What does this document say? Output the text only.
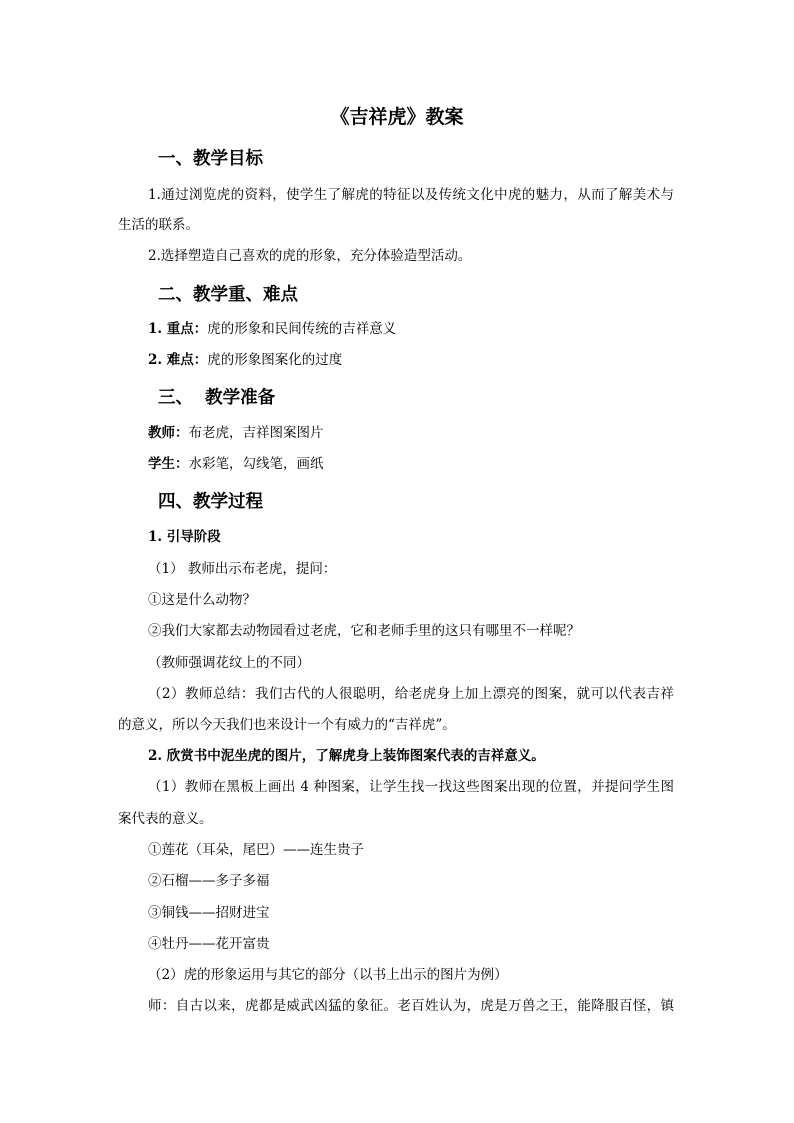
《吉祥虎》教案

一、教学目标

1.通过浏览虎的资料，使学生了解虎的特征以及传统文化中虎的魅力，从而了解美术与

生活的联系。

2.选择塑造自己喜欢的虎的形象，充分体验造型活动。

二、教学重、难点

1. 重点：虎的形象和民间传统的吉祥意义

2. 难点：虎的形象图案化的过度

三、  教学准备

教师：布老虎，吉祥图案图片

学生：水彩笔，勾线笔，画纸

四、教学过程

1. 引导阶段

（1） 教师出示布老虎，提问：

①这是什么动物？

②我们大家都去动物园看过老虎，它和老师手里的这只有哪里不一样呢？

（教师强调花纹上的不同）

（2）教师总结：我们古代的人很聪明，给老虎身上加上漂亮的图案，就可以代表吉祥

的意义，所以今天我们也来设计一个有威力的“吉祥虎”。

2. 欣赏书中泥坐虎的图片，了解虎身上装饰图案代表的吉祥意义。

（1）教师在黑板上画出 4 种图案，让学生找一找这些图案出现的位置，并提问学生图

案代表的意义。

①莲花（耳朵，尾巴）——连生贵子

②石榴——多子多福

③铜钱——招财进宝

④牡丹——花开富贵

（2）虎的形象运用与其它的部分（以书上出示的图片为例）

师：自古以来，虎都是威武凶猛的象征。老百姓认为，虎是万兽之王，能降服百怪，镇
